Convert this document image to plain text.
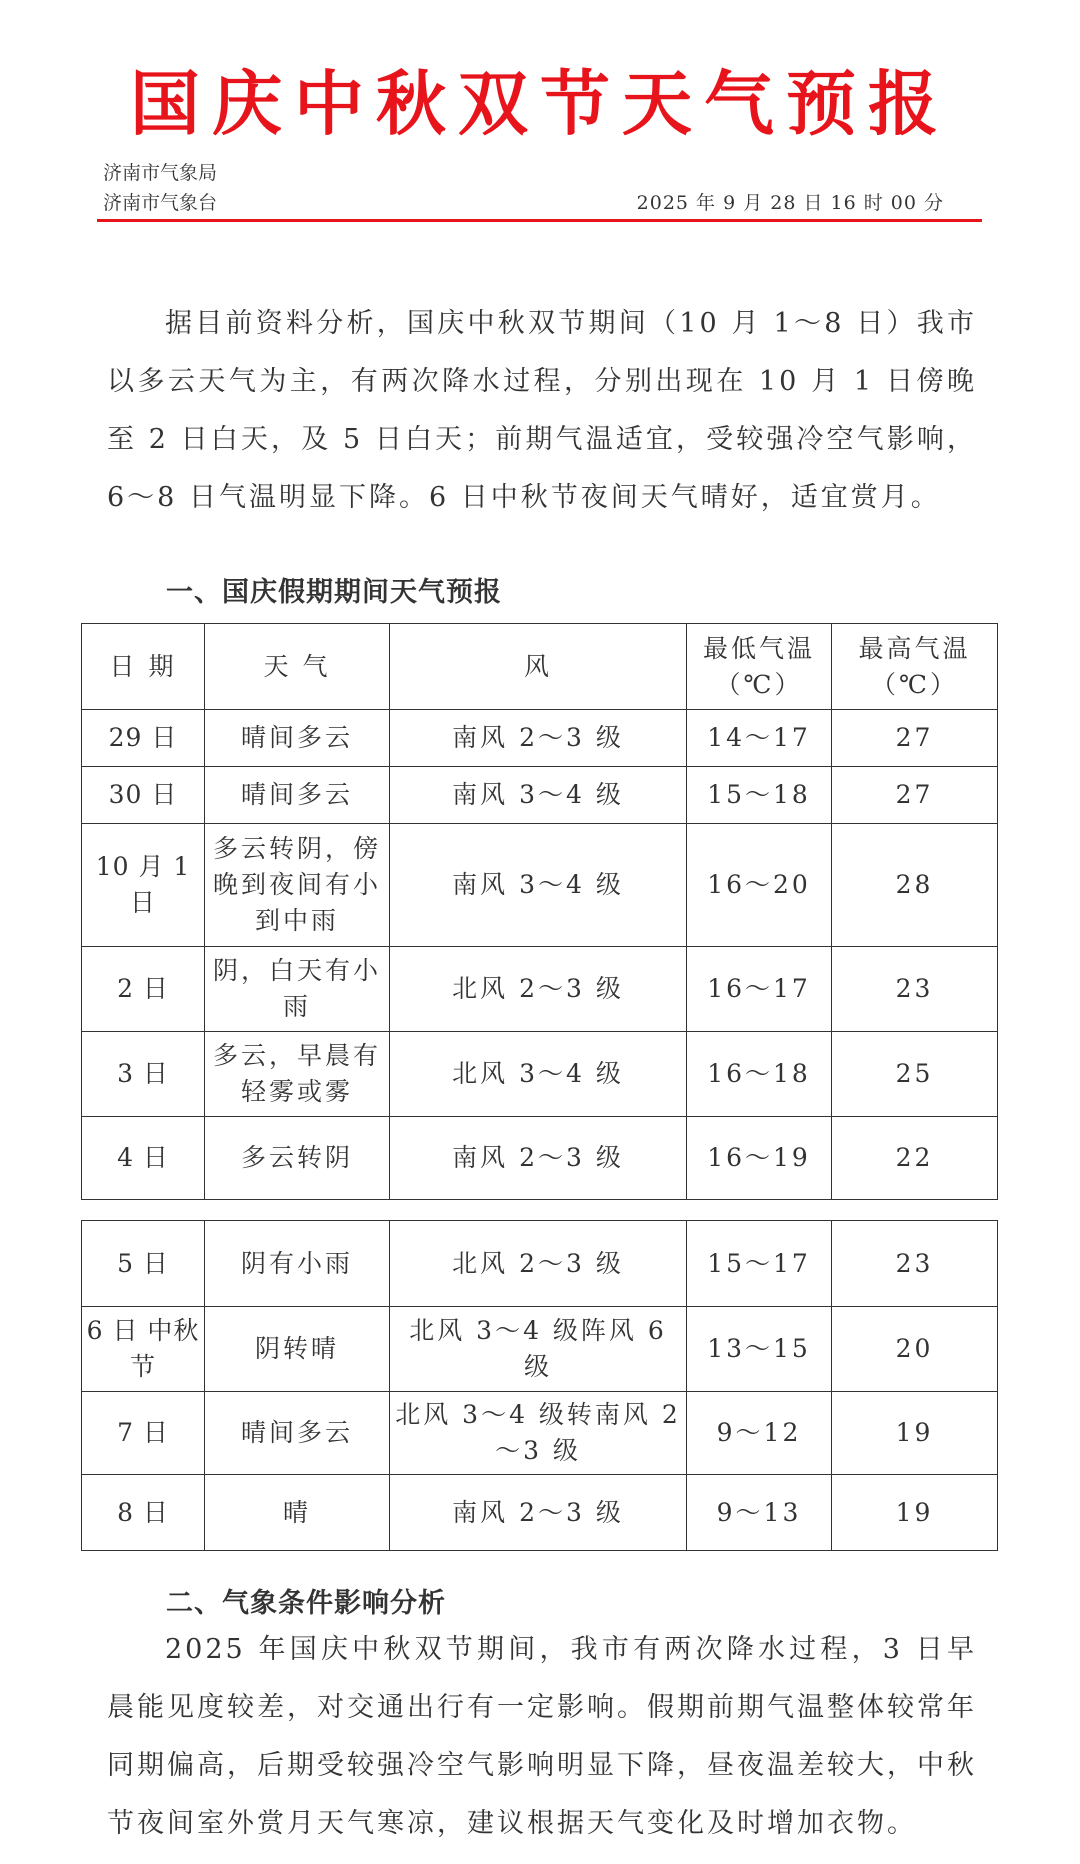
国庆中秋双节天气预报
济南市气象局
济南市气象台	2025 年 9 月 28 日 16 时 00 分

据目前资料分析，国庆中秋双节期间（10 月 1～8 日）我市以多云天气为主，有两次降水过程，分别出现在 10 月 1 日傍晚至 2 日白天，及 5 日白天；前期气温适宜，受较强冷空气影响，6～8 日气温明显下降。6 日中秋节夜间天气晴好，适宜赏月。

一、国庆假期期间天气预报
日 期	天 气	风	最低气温（℃）	最高气温（℃）
29 日	晴间多云	南风 2～3 级	14～17	27
30 日	晴间多云	南风 3～4 级	15～18	27
10 月 1 日	多云转阴，傍晚到夜间有小到中雨	南风 3～4 级	16～20	28
2 日	阴，白天有小雨	北风 2～3 级	16～17	23
3 日	多云，早晨有轻雾或雾	北风 3～4 级	16～18	25
4 日	多云转阴	南风 2～3 级	16～19	22
5 日	阴有小雨	北风 2～3 级	15～17	23
6 日 中秋节	阴转晴	北风 3～4 级阵风 6 级	13～15	20
7 日	晴间多云	北风 3～4 级转南风 2～3 级	9～12	19
8 日	晴	南风 2～3 级	9～13	19
二、气象条件影响分析

2025 年国庆中秋双节期间，我市有两次降水过程，3 日早晨能见度较差，对交通出行有一定影响。假期前期气温整体较常年同期偏高，后期受较强冷空气影响明显下降，昼夜温差较大，中秋节夜间室外赏月天气寒凉，建议根据天气变化及时增加衣物。
